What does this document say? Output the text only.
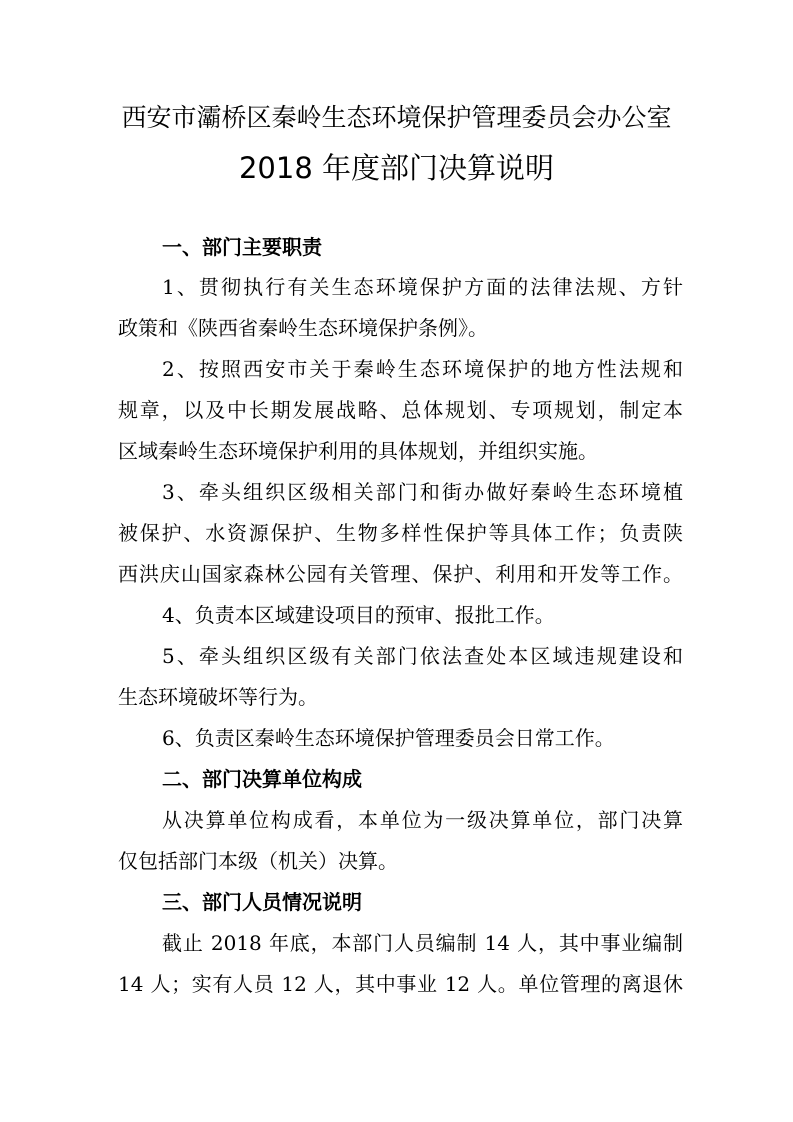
西安市灞桥区秦岭生态环境保护管理委员会办公室
2018 年度部门决算说明
一、部门主要职责
1、贯彻执行有关生态环境保护方面的法律法规、方针
政策和《陕西省秦岭生态环境保护条例》。
2、按照西安市关于秦岭生态环境保护的地方性法规和
规章，以及中长期发展战略、总体规划、专项规划，制定本
区域秦岭生态环境保护利用的具体规划，并组织实施。
3、牵头组织区级相关部门和街办做好秦岭生态环境植
被保护、水资源保护、生物多样性保护等具体工作；负责陕
西洪庆山国家森林公园有关管理、保护、利用和开发等工作。
4、负责本区域建设项目的预审、报批工作。
5、牵头组织区级有关部门依法查处本区域违规建设和
生态环境破坏等行为。
6、负责区秦岭生态环境保护管理委员会日常工作。
二、部门决算单位构成
从决算单位构成看，本单位为一级决算单位，部门决算
仅包括部门本级（机关）决算。
三、部门人员情况说明
截止 2018 年底，本部门人员编制 14 人，其中事业编制
14 人；实有人员 12 人，其中事业 12 人。单位管理的离退休
